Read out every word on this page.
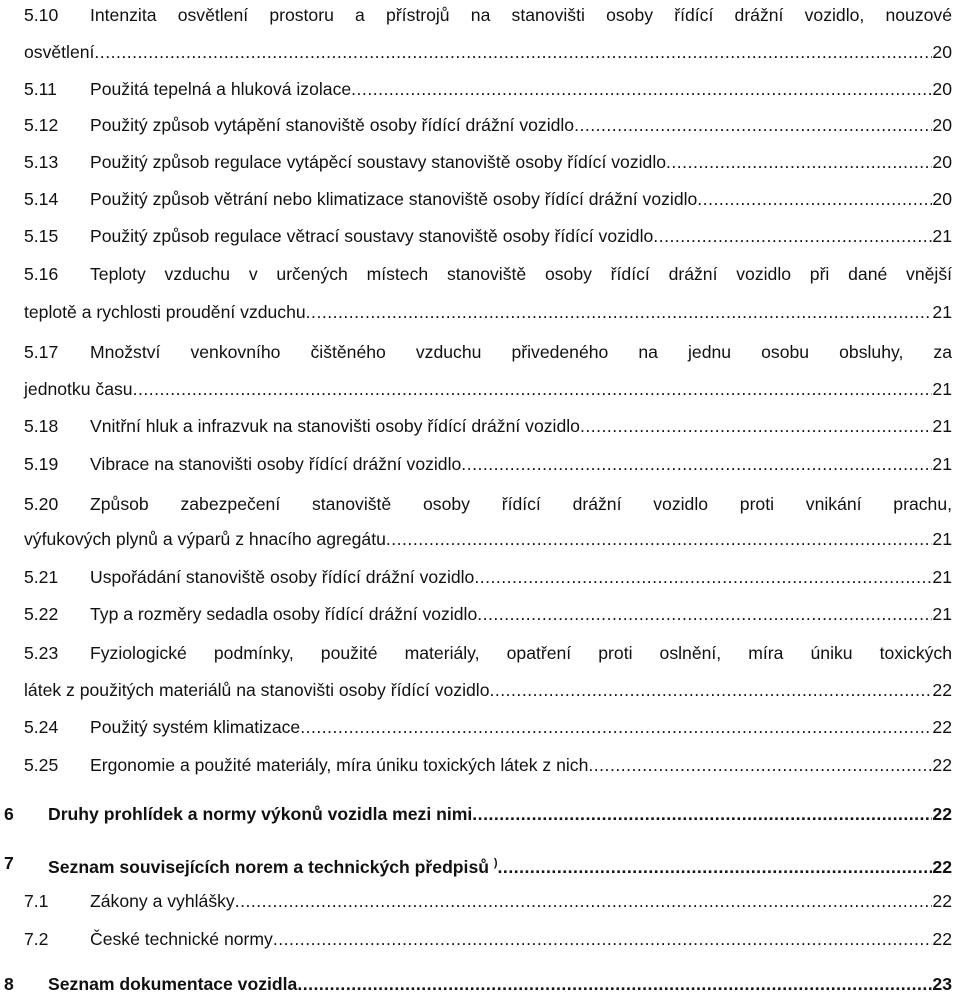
5.10 Intenzita osvětlení prostoru a přístrojů na stanovišti osoby řídící drážní vozidlo, nouzové
osvětlení .....	20
5.11 Použitá tepelná a hluková izolace .....	20
5.12 Použitý způsob vytápění stanoviště osoby řídící drážní vozidlo .....	20
5.13 Použitý způsob regulace vytápěcí soustavy stanoviště osoby řídící vozidlo .....	20
5.14 Použitý způsob větrání nebo klimatizace stanoviště osoby řídící drážní vozidlo .....	20
5.15 Použitý způsob regulace větrací soustavy stanoviště osoby řídící vozidlo .....	21
5.16 Teploty vzduchu v určených místech stanoviště osoby řídící drážní vozidlo při dané vnější
teplotě a rychlosti proudění vzduchu .....	21
5.17 Množství venkovního čištěného vzduchu přivedeného na jednu osobu obsluhy, za
jednotku času .....	21
5.18 Vnitřní hluk a infrazvuk na stanovišti osoby řídící drážní vozidlo .....	21
5.19 Vibrace na stanovišti osoby řídící drážní vozidlo .....	21
5.20 Způsob zabezpečení stanoviště osoby řídící drážní vozidlo proti vnikání prachu,
výfukových plynů a výparů z hnacího agregátu .....	21
5.21 Uspořádání stanoviště osoby řídící drážní vozidlo .....	21
5.22 Typ a rozměry sedadla osoby řídící drážní vozidlo .....	21
5.23 Fyziologické podmínky, použité materiály, opatření proti oslnění, míra úniku toxických
látek z použitých materiálů na stanovišti osoby řídící vozidlo .....	22
5.24 Použitý systém klimatizace .....	22
5.25 Ergonomie a použité materiály, míra úniku toxických látek z nich .....	22
6 Druhy prohlídek a normy výkonů vozidla mezi nimi .....	22
7 Seznam souvisejících norem a technických předpisů ) .....	22
7.1 Zákony a vyhlášky .....	22
7.2 České technické normy .....	22
8 Seznam dokumentace vozidla .....	23
